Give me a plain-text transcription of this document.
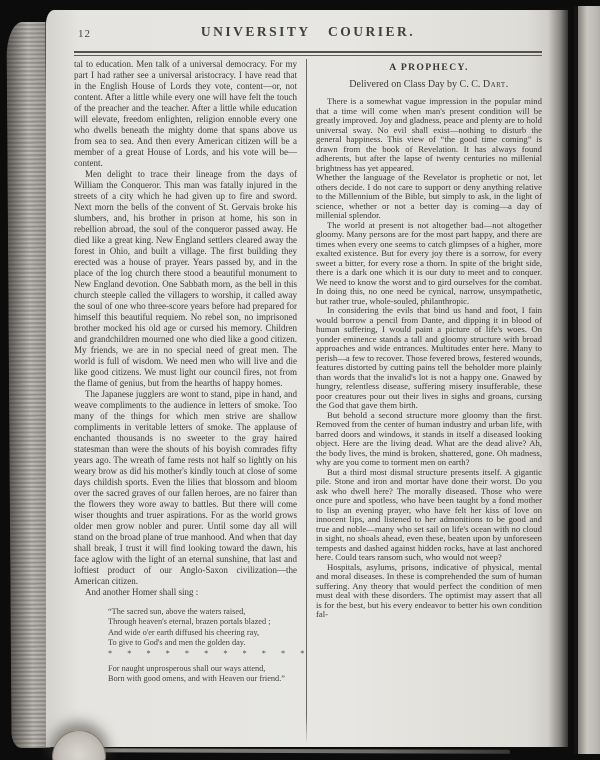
12	UNIVERSITY COURIER.

tal to education. Men talk of a universal democracy. For my part I had rather see a universal aristocracy. I have read that in the English House of Lords they vote, content—or, not content. After a little while every one will have felt the touch of the preacher and the teacher. After a little while education will elevate, freedom enlighten, religion ennoble every one who dwells beneath the mighty dome that spans above us from sea to sea. And then every American citizen will be a member of a great House of Lords, and his vote will be—content.

Men delight to trace their lineage from the days of William the Conqueror. This man was fatally injured in the streets of a city which he had given up to fire and sword. Next morn the bells of the convent of St. Gervais broke his slumbers, and, his brother in prison at home, his son in rebellion abroad, the soul of the conqueror passed away. He died like a great king. New England settlers cleared away the forest in Ohio, and built a village. The first building they erected was a house of prayer. Years passed by, and in the place of the log church there stood a beautiful monument to New England devotion. One Sabbath morn, as the bell in this church steeple called the villagers to worship, it called away the soul of one who three-score years before had prepared for himself this beautiful requiem. No rebel son, no imprisoned brother mocked his old age or cursed his memory. Children and grandchildren mourned one who died like a good citizen. My friends, we are in no special need of great men. The world is full of wisdom. We need men who will live and die like good citizens. We must light our council fires, not from the flame of genius, but from the hearths of happy homes.

The Japanese jugglers are wont to stand, pipe in hand, and weave compliments to the audience in letters of smoke. Too many of the things for which men strive are shallow compliments in veritable letters of smoke. The applause of enchanted thousands is no sweeter to the gray haired statesman than were the shouts of his boyish comrades fifty years ago. The wreath of fame rests not half so lightly on his weary brow as did his mother's kindly touch at close of some days childish sports. Even the lilies that blossom and bloom over the sacred graves of our fallen heroes, are no fairer than the flowers they wore away to battles. But there will come wiser thoughts and truer aspirations. For as the world grows older men grow nobler and purer. Until some day all will stand on the broad plane of true manhood. And when that day shall break, I trust it will find looking toward the dawn, his face aglow with the light of an eternal sunshine, that last and loftiest product of our Anglo-Saxon civilization—the American citizen.

And another Homer shall sing :

“The sacred sun, above the waters raised,
Through heaven's eternal, brazen portals blazed ;
And wide o'er earth diffused his cheering ray,
To give to God's and men the golden day.
* * * * * * * * * * *
For naught unprosperous shall our ways attend,
Born with good omens, and with Heaven our friend.”
A PROPHECY.
Delivered on Class Day by C. C. Dart.

There is a somewhat vague impression in the popular mind that a time will come when man's present condition will be greatly improved. Joy and gladness, peace and plenty are to hold universal sway. No evil shall exist—nothing to disturb the general happiness. This view of “the good time coming” is drawn from the book of Revelation. It has always found adherents, but after the lapse of twenty centuries no millenial brightness has yet appeared.

Whether the language of the Revelator is prophetic or not, let others decide. I do not care to support or deny anything relative to the Millennium of the Bible, but simply to ask, in the light of science, whether or not a better day is coming—a day of millenial splendor.

The world at present is not altogether bad—not altogether gloomy. Many persons are for the most part happy, and there are times when every one seems to catch glimpses of a higher, more exalted existence. But for every joy there is a sorrow, for every sweet a bitter, for every rose a thorn. In spite of the bright side, there is a dark one which it is our duty to meet and to conquer. We need to know the worst and to gird ourselves for the combat. In doing this, no one need be cynical, narrow, unsympathetic, but rather true, whole-souled, philanthropic.

In considering the evils that bind us hand and foot, I fain would borrow a pencil from Dante, and dipping it in blood of human suffering, I would paint a picture of life's woes. On yonder eminence stands a tall and gloomy structure with broad approaches and wide entrances. Multitudes enter here. Many to perish—a few to recover. Those fevered brows, festered wounds, features distorted by cutting pains tell the beholder more plainly than words that the invalid's lot is not a happy one. Gnawed by hungry, relentless disease, suffering misery insufferable, these poor creatures pour out their lives in sighs and groans, cursing the God that gave them birth.

But behold a second structure more gloomy than the first. Removed from the center of human industry and urban life, with barred doors and windows, it stands in itself a diseased looking object. Here are the living dead. What are the dead alive? Ah, the body lives, the mind is broken, shattered, gone. Oh madness, why are you come to torment men on earth?

But a third most dismal structure presents itself. A gigantic pile. Stone and iron and mortar have done their worst. Do you ask who dwell here? The morally diseased. Those who were once pure and spotless, who have been taught by a fond mother to lisp an evening prayer, who have felt her kiss of love on innocent lips, and listened to her admonitions to be good and true and noble—many who set sail on life's ocean with no cloud in sight, no shoals ahead, even these, beaten upon by unforeseen tempests and dashed against hidden rocks, have at last anchored here. Could tears ransom such, who would not weep?

Hospitals, asylums, prisons, indicative of physical, mental and moral diseases. In these is comprehended the sum of human suffering. Any theory that would perfect the condition of men must deal with these disorders. The optimist may assert that all is for the best, but his every endeavor to better his own condition fal-
